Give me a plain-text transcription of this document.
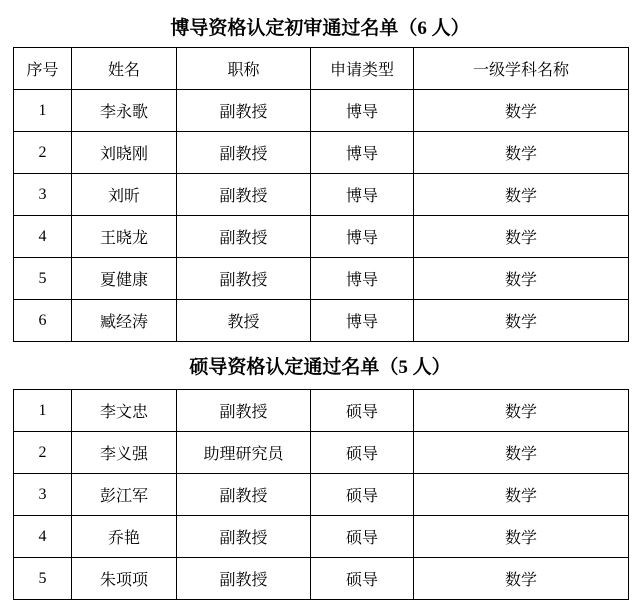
博导资格认定初审通过名单（6 人）
序号	姓名	职称	申请类型	一级学科名称
1	李永歌	副教授	博导	数学
2	刘晓刚	副教授	博导	数学
3	刘昕	副教授	博导	数学
4	王晓龙	副教授	博导	数学
5	夏健康	副教授	博导	数学
6	臧经涛	教授	博导	数学
硕导资格认定通过名单（5 人）
1	李文忠	副教授	硕导	数学
2	李义强	助理研究员	硕导	数学
3	彭江军	副教授	硕导	数学
4	乔艳	副教授	硕导	数学
5	朱项项	副教授	硕导	数学
